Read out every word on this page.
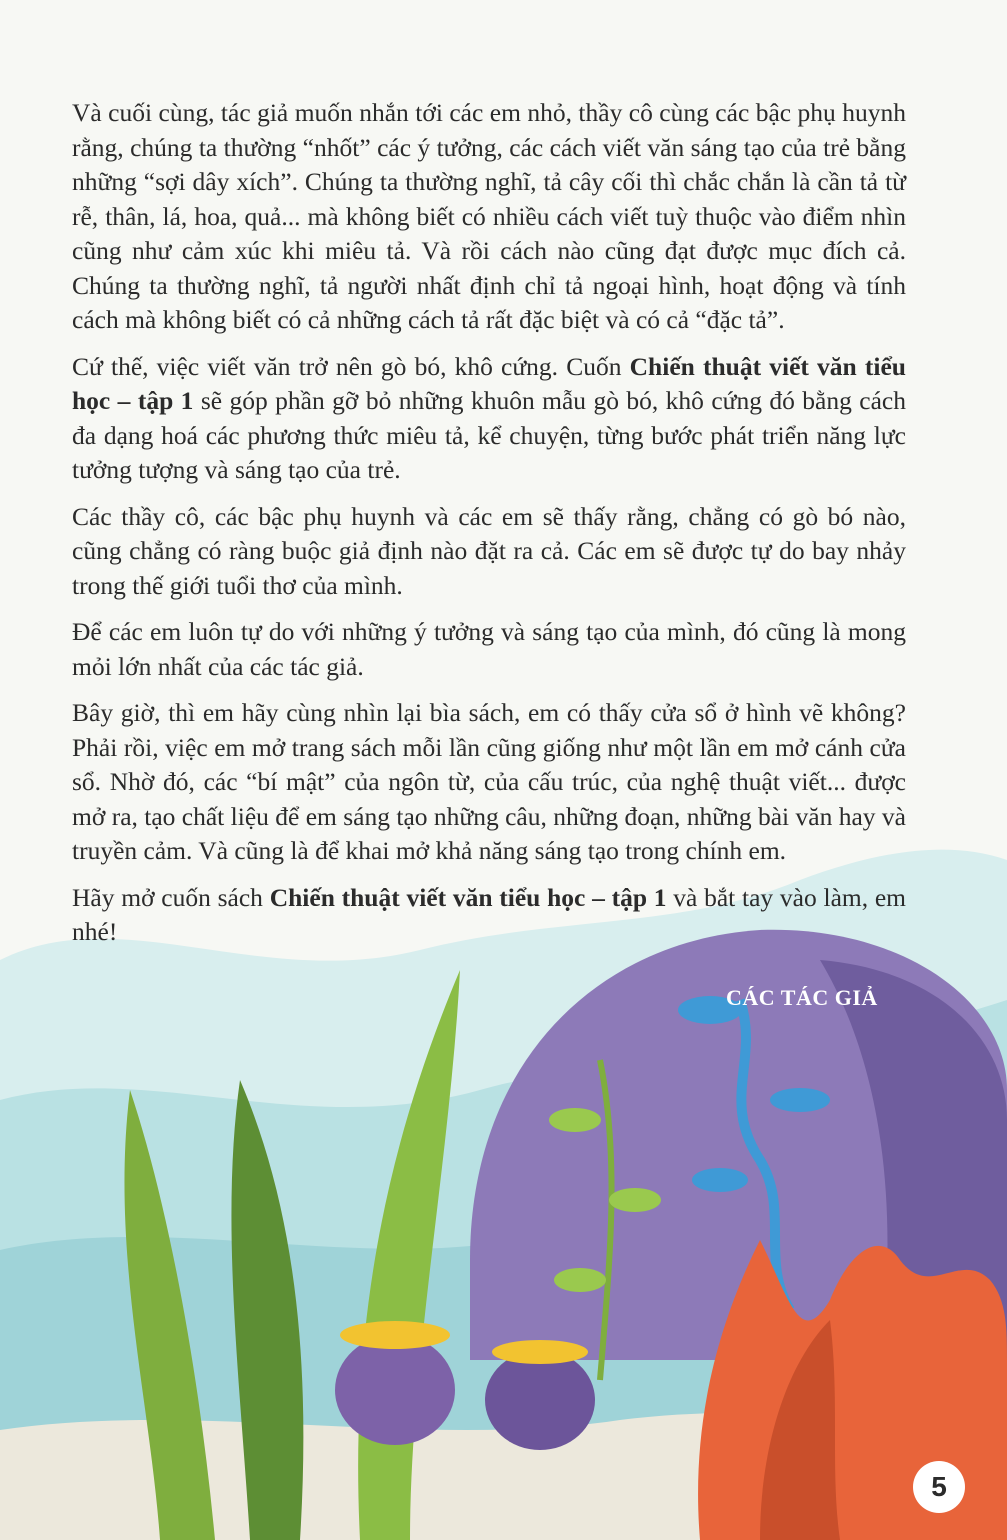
Và cuối cùng, tác giả muốn nhắn tới các em nhỏ, thầy cô cùng các bậc phụ huynh rằng, chúng ta thường “nhốt” các ý tưởng, các cách viết văn sáng tạo của trẻ bằng những “sợi dây xích”. Chúng ta thường nghĩ, tả cây cối thì chắc chắn là cần tả từ rễ, thân, lá, hoa, quả... mà không biết có nhiều cách viết tuỳ thuộc vào điểm nhìn cũng như cảm xúc khi miêu tả. Và rồi cách nào cũng đạt được mục đích cả. Chúng ta thường nghĩ, tả người nhất định chỉ tả ngoại hình, hoạt động và tính cách mà không biết có cả những cách tả rất đặc biệt và có cả “đặc tả”.

Cứ thế, việc viết văn trở nên gò bó, khô cứng. Cuốn Chiến thuật viết văn tiểu học – tập 1 sẽ góp phần gỡ bỏ những khuôn mẫu gò bó, khô cứng đó bằng cách đa dạng hoá các phương thức miêu tả, kể chuyện, từng bước phát triển năng lực tưởng tượng và sáng tạo của trẻ.

Các thầy cô, các bậc phụ huynh và các em sẽ thấy rằng, chẳng có gò bó nào, cũng chẳng có ràng buộc giả định nào đặt ra cả. Các em sẽ được tự do bay nhảy trong thế giới tuổi thơ của mình.

Để các em luôn tự do với những ý tưởng và sáng tạo của mình, đó cũng là mong mỏi lớn nhất của các tác giả.

Bây giờ, thì em hãy cùng nhìn lại bìa sách, em có thấy cửa sổ ở hình vẽ không? Phải rồi, việc em mở trang sách mỗi lần cũng giống như một lần em mở cánh cửa sổ. Nhờ đó, các “bí mật” của ngôn từ, của cấu trúc, của nghệ thuật viết... được mở ra, tạo chất liệu để em sáng tạo những câu, những đoạn, những bài văn hay và truyền cảm. Và cũng là để khai mở khả năng sáng tạo trong chính em.

Hãy mở cuốn sách Chiến thuật viết văn tiểu học – tập 1 và bắt tay vào làm, em nhé!

CÁC TÁC GIẢ
5
